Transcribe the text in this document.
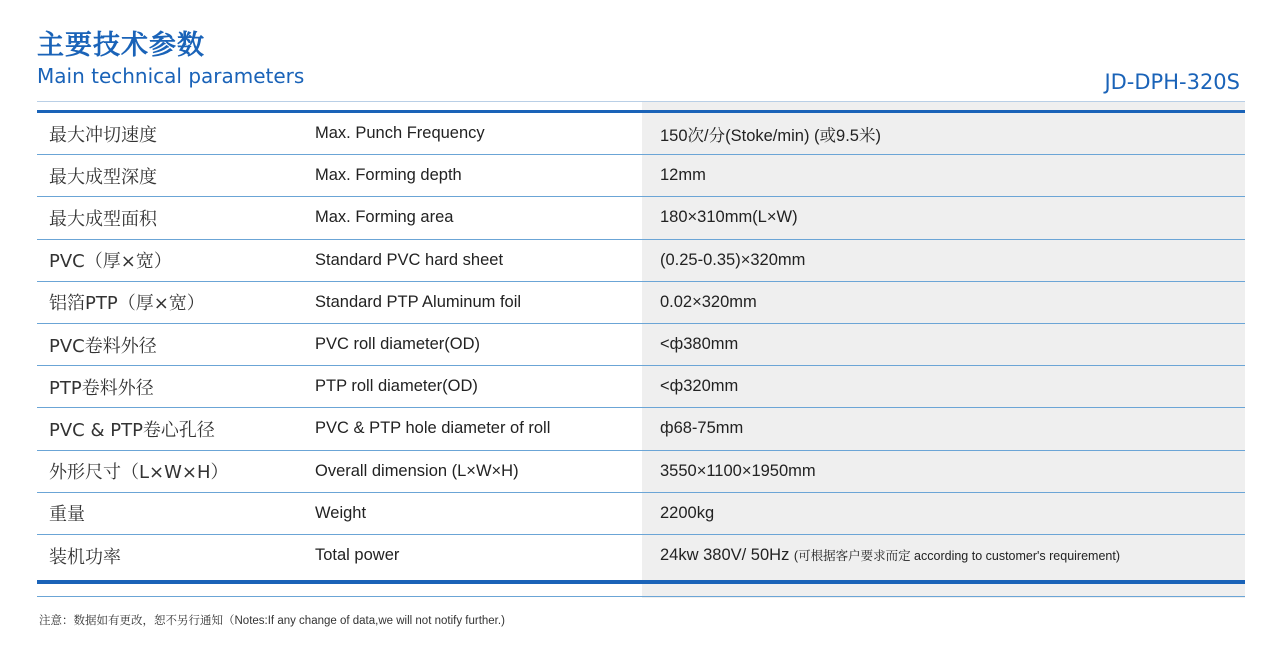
主要技术参数
Main technical parameters	JD-DPH-320S
最大冲切速度	Max. Punch Frequency	150次/分(Stoke/min) (或9.5米)
最大成型深度	Max. Forming depth	12mm
最大成型面积	Max. Forming area	180×310mm(L×W)
PVC（厚×宽）	Standard PVC hard sheet	(0.25-0.35)×320mm
铝箔PTP（厚×宽）	Standard PTP Aluminum foil	0.02×320mm
PVC卷料外径	PVC roll diameter(OD)	<ф380mm
PTP卷料外径	PTP roll diameter(OD)	<ф320mm
PVC & PTP卷心孔径	PVC & PTP hole diameter of roll	ф68-75mm
外形尺寸（L×W×H）	Overall dimension (L×W×H)	3550×1100×1950mm
重量	Weight	2200kg
装机功率	Total power	24kw 380V/ 50Hz (可根据客户要求而定 according to customer's requirement)
注意：数据如有更改，恕不另行通知（Notes:If any change of data,we will not notify further.)
